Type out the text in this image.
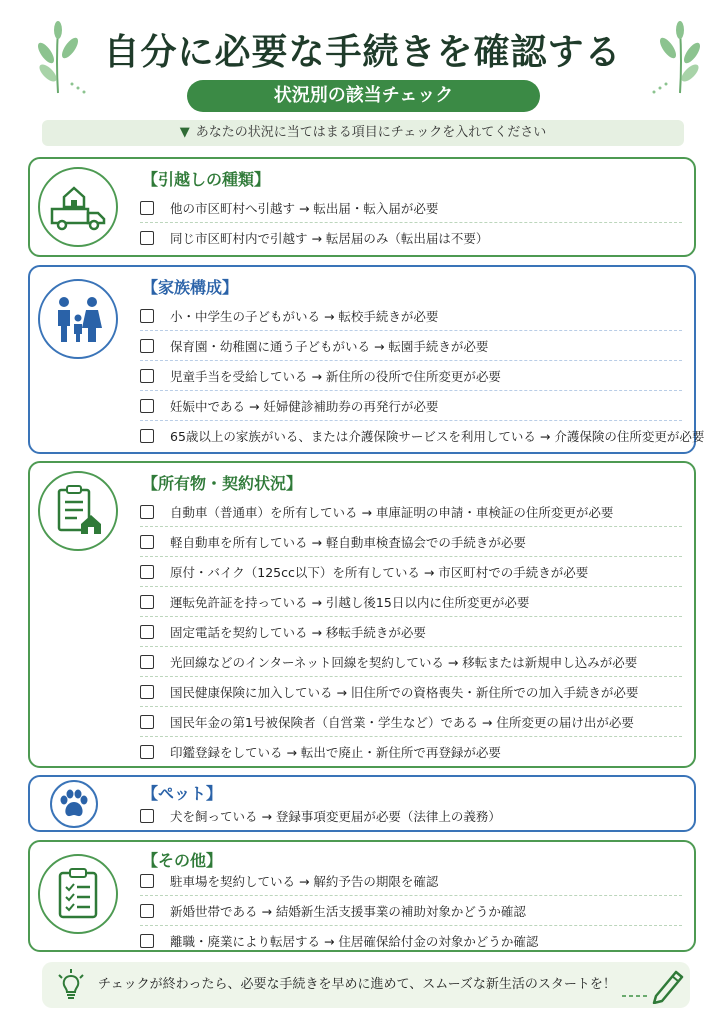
自分に必要な手続きを確認する
状況別の該当チェック
▼ あなたの状況に当てはまる項目にチェックを入れてください
【引越しの種類】
他の市区町村へ引越す → 転出届・転入届が必要
同じ市区町村内で引越す → 転居届のみ（転出届は不要）
【家族構成】
小・中学生の子どもがいる → 転校手続きが必要
保育園・幼稚園に通う子どもがいる → 転園手続きが必要
児童手当を受給している → 新住所の役所で住所変更が必要
妊娠中である → 妊婦健診補助券の再発行が必要
65歳以上の家族がいる、または介護保険サービスを利用している → 介護保険の住所変更が必要
【所有物・契約状況】
自動車（普通車）を所有している → 車庫証明の申請・車検証の住所変更が必要
軽自動車を所有している → 軽自動車検査協会での手続きが必要
原付・バイク（125cc以下）を所有している → 市区町村での手続きが必要
運転免許証を持っている → 引越し後15日以内に住所変更が必要
固定電話を契約している → 移転手続きが必要
光回線などのインターネット回線を契約している → 移転または新規申し込みが必要
国民健康保険に加入している → 旧住所での資格喪失・新住所での加入手続きが必要
国民年金の第1号被保険者（自営業・学生など）である → 住所変更の届け出が必要
印鑑登録をしている → 転出で廃止・新住所で再登録が必要
【ペット】
犬を飼っている → 登録事項変更届が必要（法律上の義務）
【その他】
駐車場を契約している → 解約予告の期限を確認
新婚世帯である → 結婚新生活支援事業の補助対象かどうか確認
離職・廃業により転居する → 住居確保給付金の対象かどうか確認
チェックが終わったら、必要な手続きを早めに進めて、スムーズな新生活のスタートを！
